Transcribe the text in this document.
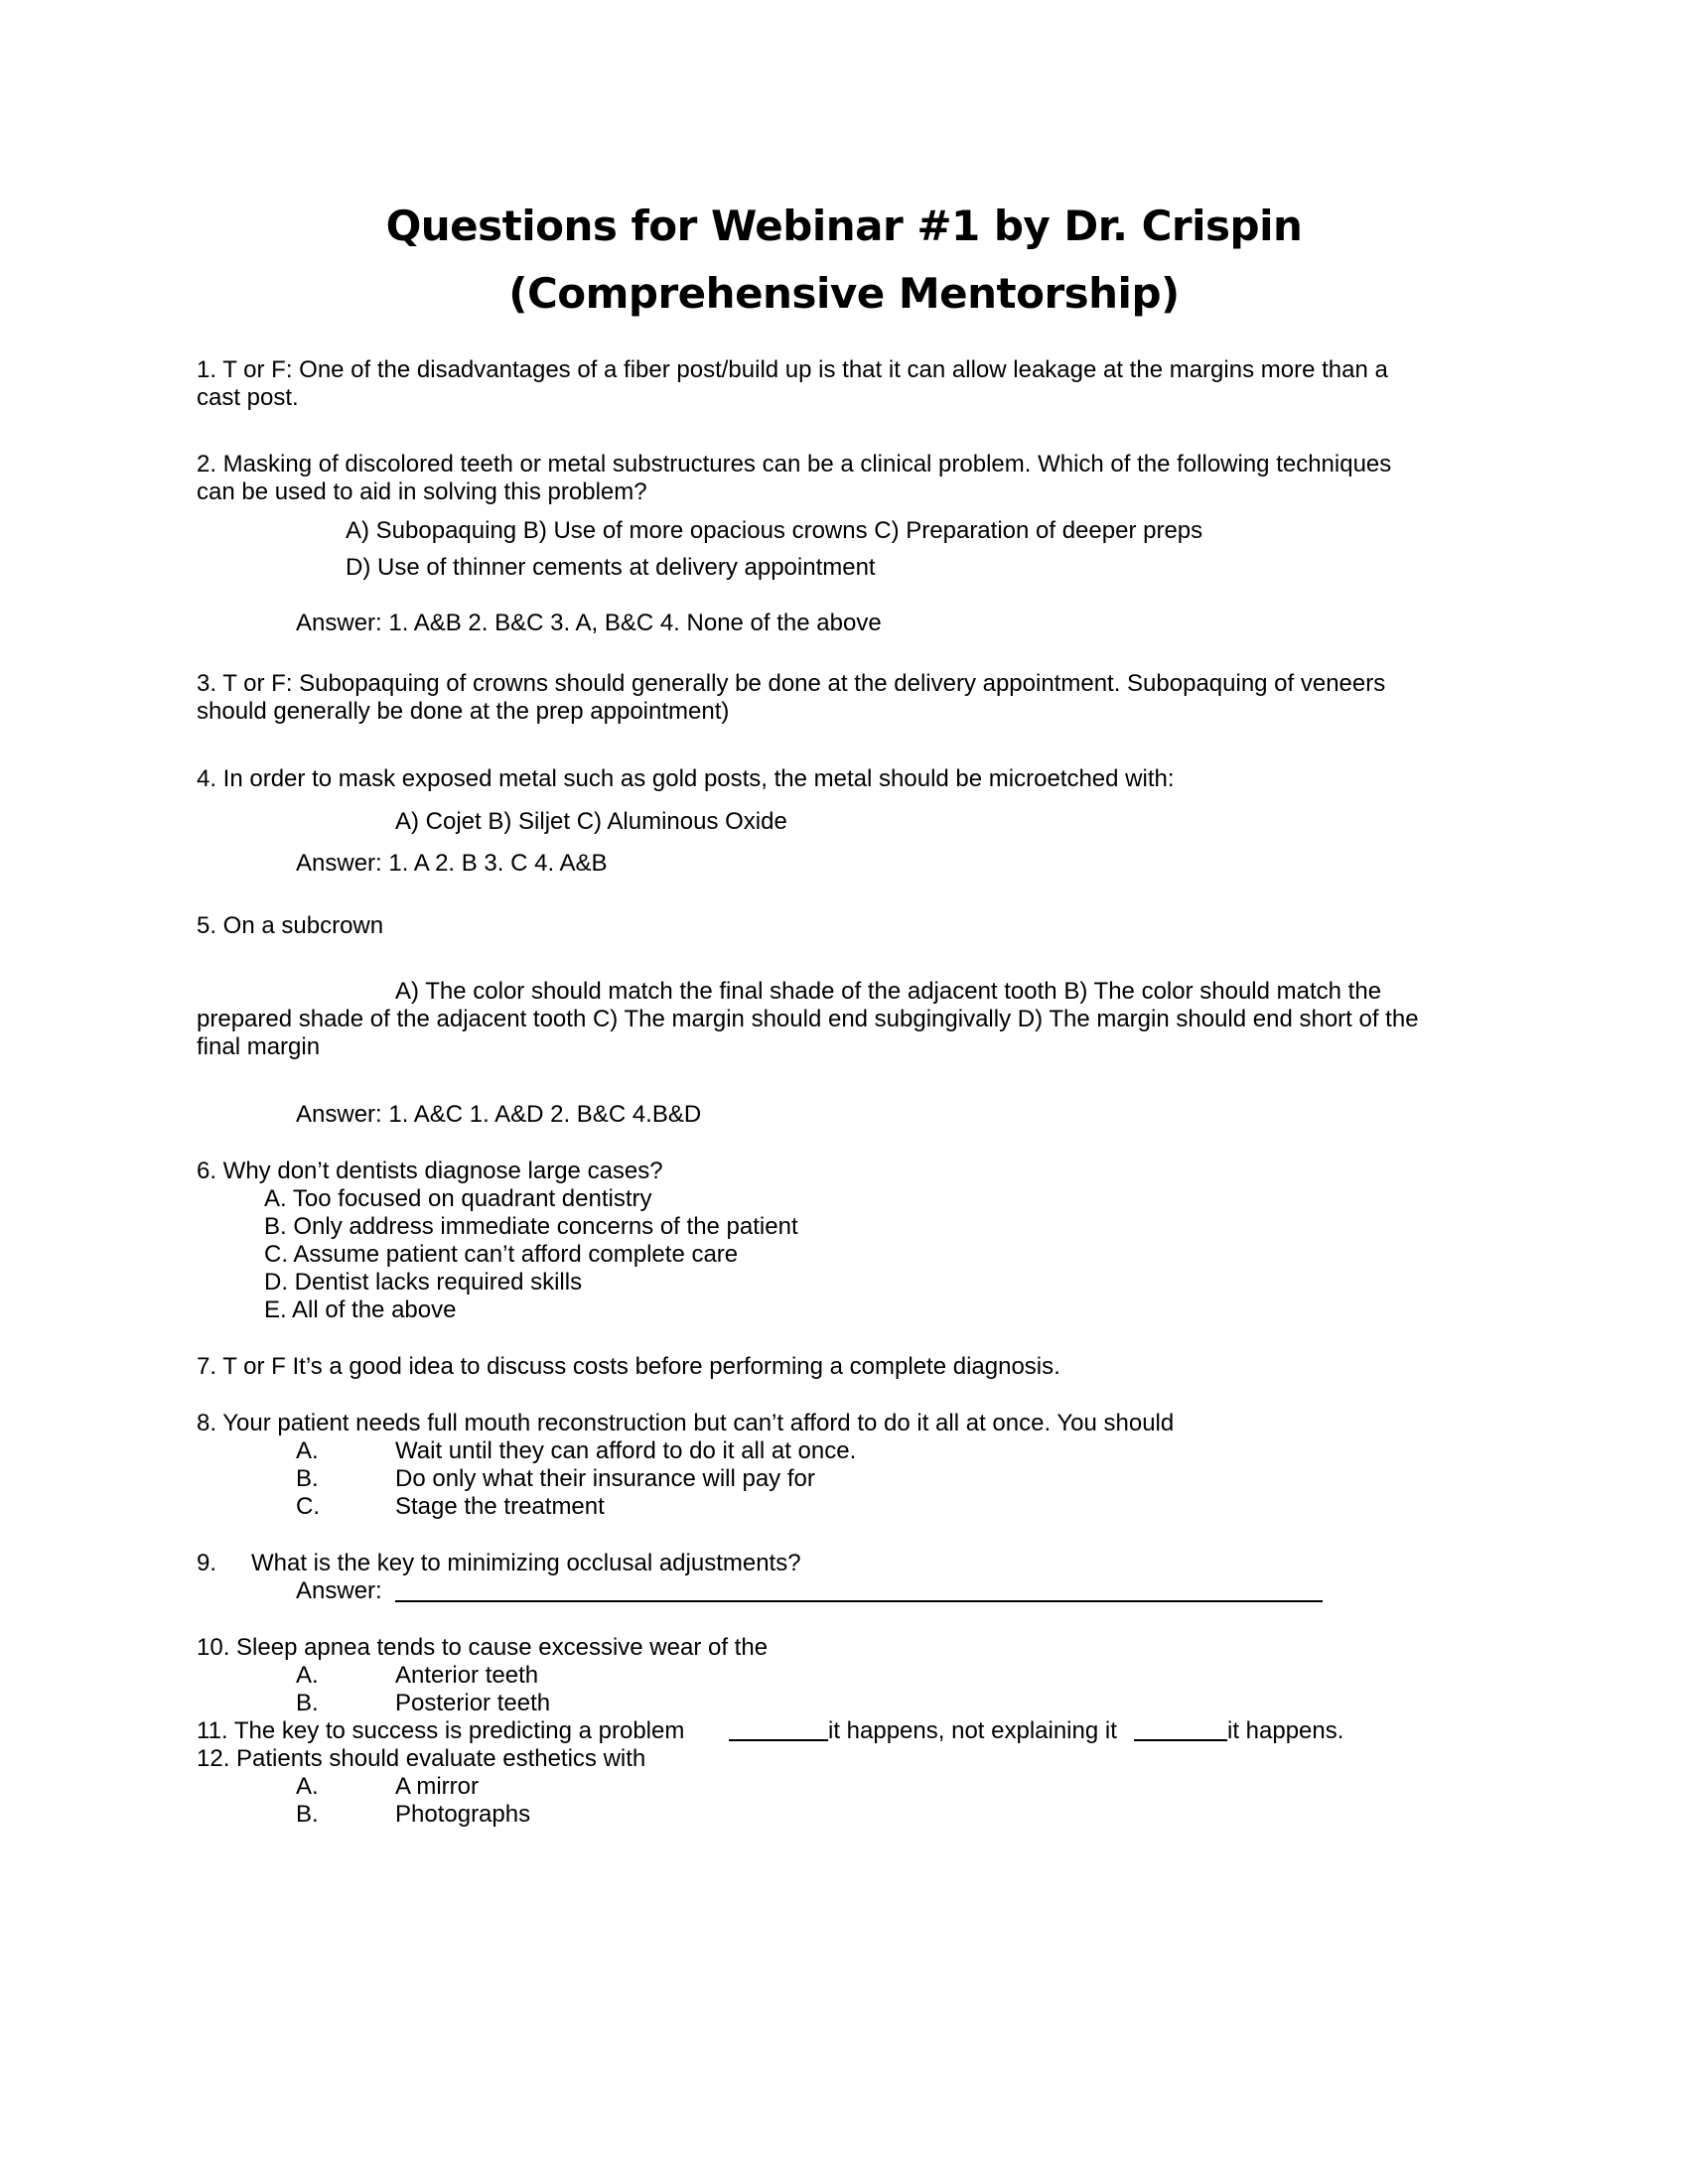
Questions for Webinar #1 by Dr. Crispin
(Comprehensive Mentorship)
1. T or F: One of the disadvantages of a fiber post/build up is that it can allow leakage at the margins more than a
cast post.
2. Masking of discolored teeth or metal substructures can be a clinical problem. Which of the following techniques
can be used to aid in solving this problem?
A) Subopaquing B) Use of more opacious crowns C) Preparation of deeper preps
D) Use of thinner cements at delivery appointment
Answer: 1. A&B 2. B&C 3. A, B&C 4. None of the above
3. T or F: Subopaquing of crowns should generally be done at the delivery appointment. Subopaquing of veneers
should generally be done at the prep appointment)
4. In order to mask exposed metal such as gold posts, the metal should be microetched with:
A) Cojet B) Siljet C) Aluminous Oxide
Answer: 1. A 2. B 3. C 4. A&B
5. On a subcrown
A) The color should match the final shade of the adjacent tooth B) The color should match the
prepared shade of the adjacent tooth C) The margin should end subgingivally D) The margin should end short of the
final margin
Answer: 1. A&C 1. A&D 2. B&C 4.B&D
6. Why don’t dentists diagnose large cases?
A. Too focused on quadrant dentistry
B. Only address immediate concerns of the patient
C. Assume patient can’t afford complete care
D. Dentist lacks required skills
E. All of the above
7. T or F It’s a good idea to discuss costs before performing a complete diagnosis.
8. Your patient needs full mouth reconstruction but can’t afford to do it all at once. You should
A.	Wait until they can afford to do it all at once.
B.	Do only what their insurance will pay for
C.	Stage the treatment
9. What is the key to minimizing occlusal adjustments?
Answer:
10. Sleep apnea tends to cause excessive wear of the
A.	Anterior teeth
B.	Posterior teeth
11. The key to success is predicting a problem	it happens, not explaining it	it happens.
12. Patients should evaluate esthetics with
A.	A mirror
B.	Photographs
